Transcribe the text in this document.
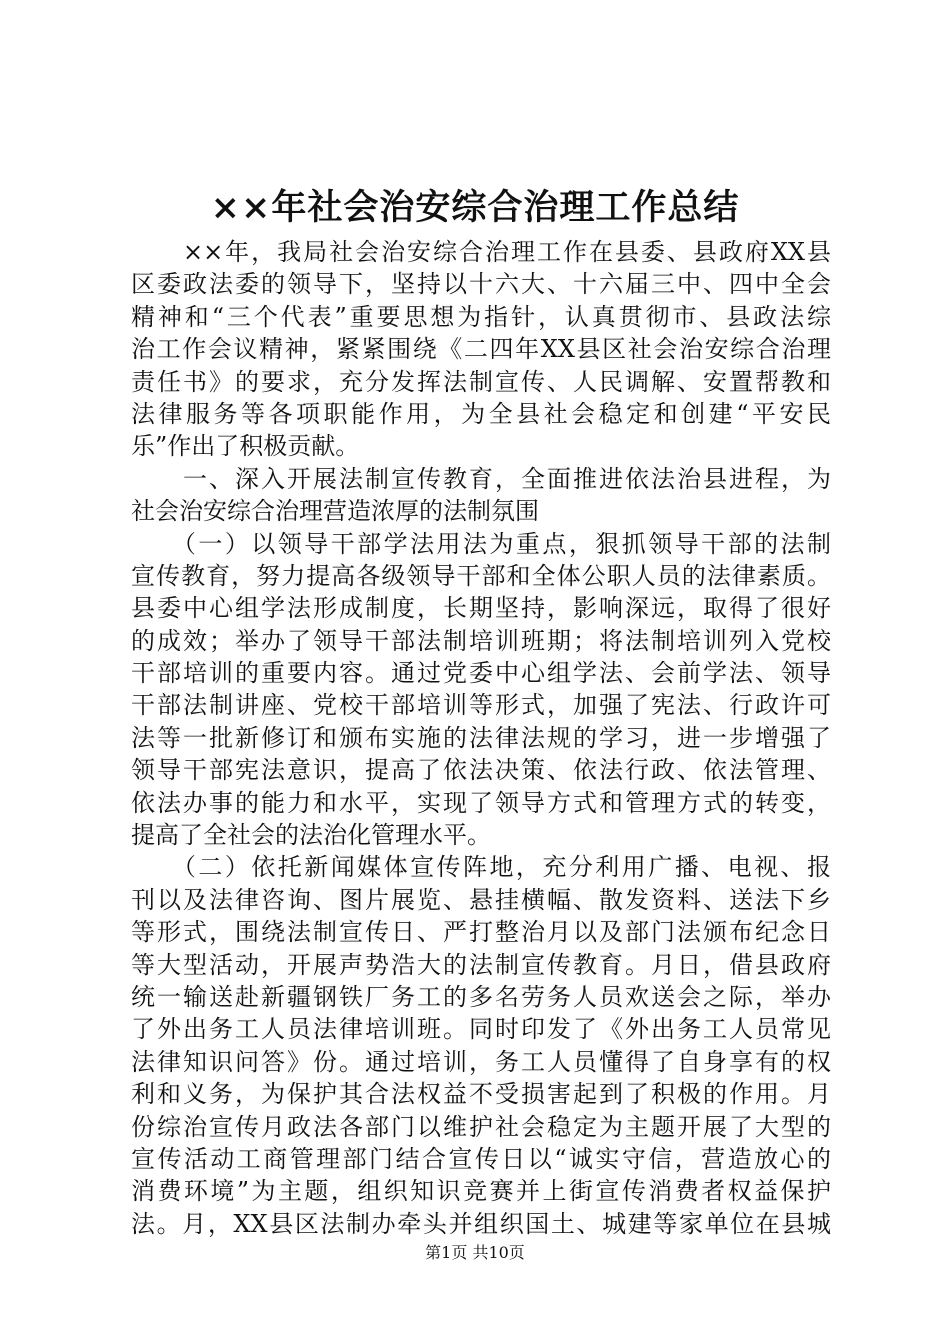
××年社会治安综合治理工作总结
　　××年，我局社会治安综合治理工作在县委、县政府XX县
区委政法委的领导下，坚持以十六大、十六届三中、四中全会
精神和“三个代表”重要思想为指针，认真贯彻市、县政法综
治工作会议精神，紧紧围绕《二四年XX县区社会治安综合治理
责任书》的要求，充分发挥法制宣传、人民调解、安置帮教和
法律服务等各项职能作用，为全县社会稳定和创建“平安民
乐”作出了积极贡献。
　　一、深入开展法制宣传教育，全面推进依法治县进程，为
社会治安综合治理营造浓厚的法制氛围
　　（一）以领导干部学法用法为重点，狠抓领导干部的法制
宣传教育，努力提高各级领导干部和全体公职人员的法律素质。
县委中心组学法形成制度，长期坚持，影响深远，取得了很好
的成效；举办了领导干部法制培训班期；将法制培训列入党校
干部培训的重要内容。通过党委中心组学法、会前学法、领导
干部法制讲座、党校干部培训等形式，加强了宪法、行政许可
法等一批新修订和颁布实施的法律法规的学习，进一步增强了
领导干部宪法意识，提高了依法决策、依法行政、依法管理、
依法办事的能力和水平，实现了领导方式和管理方式的转变，
提高了全社会的法治化管理水平。
　　（二）依托新闻媒体宣传阵地，充分利用广播、电视、报
刊以及法律咨询、图片展览、悬挂横幅、散发资料、送法下乡
等形式，围绕法制宣传日、严打整治月以及部门法颁布纪念日
等大型活动，开展声势浩大的法制宣传教育。月日，借县政府
统一输送赴新疆钢铁厂务工的多名劳务人员欢送会之际，举办
了外出务工人员法律培训班。同时印发了《外出务工人员常见
法律知识问答》份。通过培训，务工人员懂得了自身享有的权
利和义务，为保护其合法权益不受损害起到了积极的作用。月
份综治宣传月政法各部门以维护社会稳定为主题开展了大型的
宣传活动工商管理部门结合宣传日以“诚实守信，营造放心的
消费环境”为主题，组织知识竞赛并上街宣传消费者权益保护
法。月，XX县区法制办牵头并组织国土、城建等家单位在县城
第1页 共10页
